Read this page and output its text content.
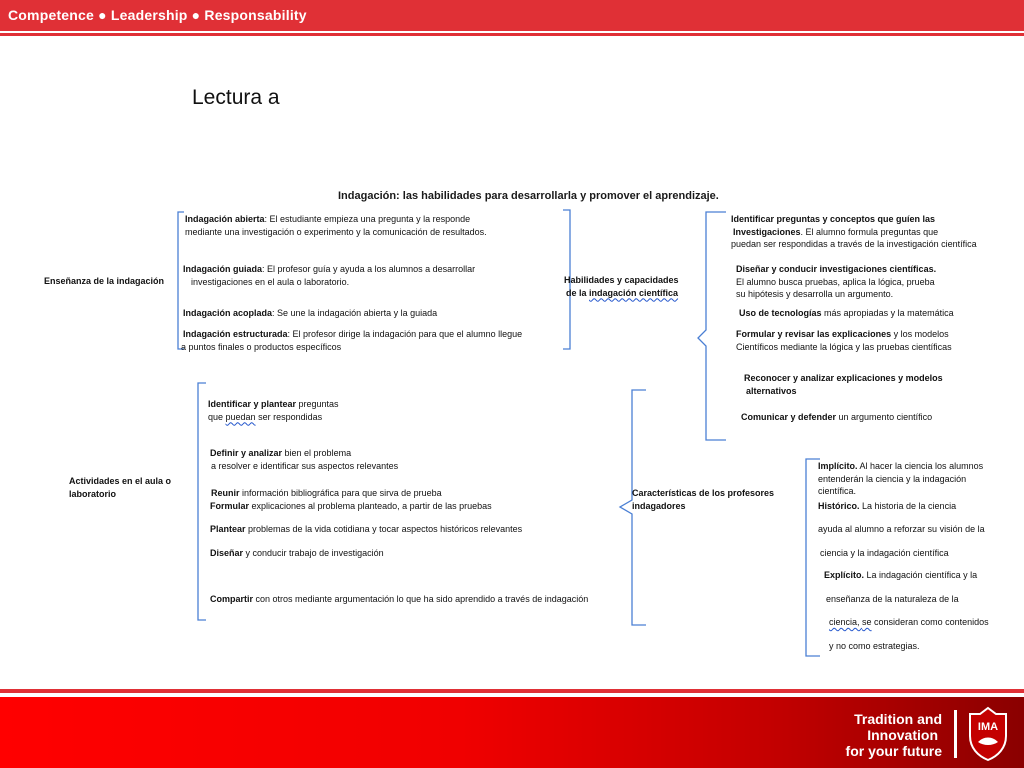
Competence ● Leadership ● Responsability
Lectura a
Indagación: las habilidades para desarrollarla y promover el aprendizaje.
Enseñanza de la indagación
Indagación abierta: El estudiante empieza una pregunta y la responde
mediante una investigación o experimento y la comunicación de resultados.
Indagación guiada: El profesor guía y ayuda a los alumnos a desarrollar
investigaciones en el aula o laboratorio.
Indagación acoplada: Se une la indagación abierta y la guiada
Indagación estructurada: El profesor dirige la indagación para que el alumno llegue
a puntos finales o productos específicos
Habilidades y capacidades
de la indagación científica
Identificar preguntas y conceptos que guíen las
Investigaciones. El alumno formula preguntas que
puedan ser respondidas a través de la investigación científica
Diseñar y conducir investigaciones científicas.
El alumno busca pruebas, aplica la lógica, prueba
su hipótesis y desarrolla un argumento.
Uso de tecnologías más apropiadas y la matemática
Formular y revisar las explicaciones y los modelos
Científicos mediante la lógica y las pruebas científicas
Reconocer y analizar explicaciones y modelos
alternativos
Comunicar y defender un argumento científico
Actividades en el aula o
laboratorio
Identificar y plantear preguntas
que puedan ser respondidas
Definir y analizar bien el problema
a resolver e identificar sus aspectos relevantes
Reunir información bibliográfica para que sirva de prueba
Formular explicaciones al problema planteado, a partir de las pruebas
Plantear problemas de la vida cotidiana y tocar aspectos históricos relevantes
Diseñar y conducir trabajo de investigación
Compartir con otros mediante argumentación lo que ha sido aprendido a través de indagación
Características de los profesores
indagadores
Implícito. Al hacer la ciencia los alumnos
entenderán la ciencia y la indagación
científica.
Histórico. La historia de la ciencia
ayuda al alumno a reforzar su visión de la
ciencia y la indagación científica
Explícito. La indagación científica y la
enseñanza de la naturaleza de la
ciencia, se consideran como contenidos
y no como estrategias.
Tradition and
Innovation
for your future
IMA
